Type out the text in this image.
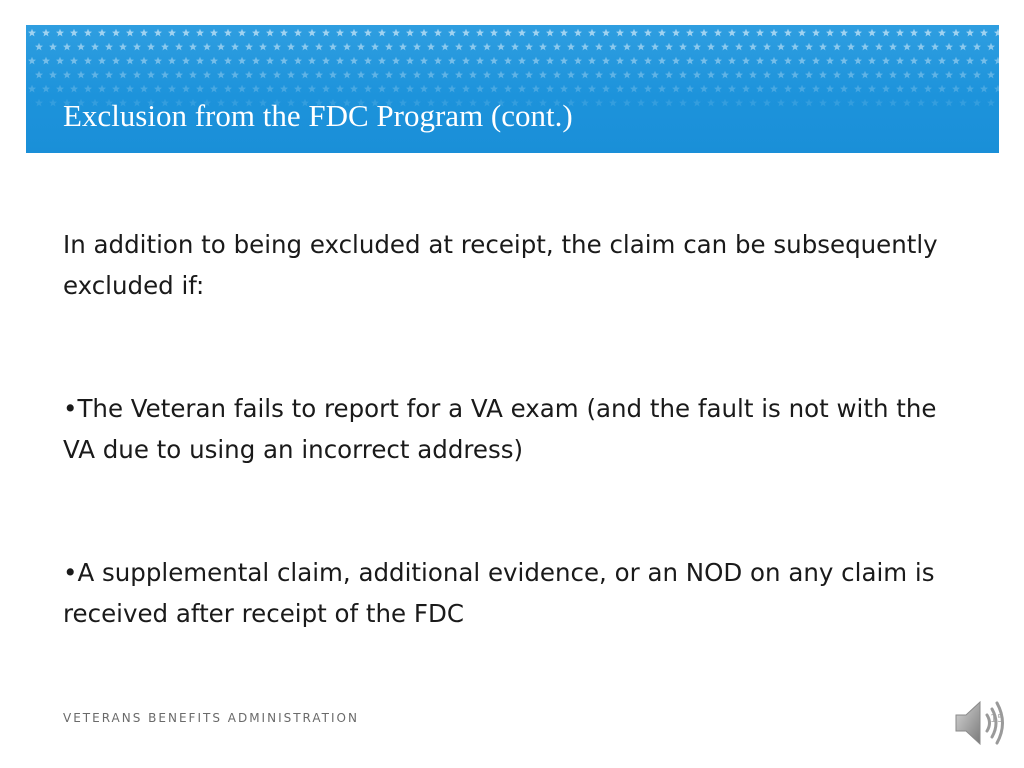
Exclusion from the FDC Program (cont.)

In addition to being excluded at receipt, the claim can be subsequently excluded if:

•The Veteran fails to report for a VA exam (and the fault is not with the VA due to using an incorrect address)

•A supplemental claim, additional evidence, or an NOD on any claim is received after receipt of the FDC

VETERANS BENEFITS ADMINISTRATION	15
